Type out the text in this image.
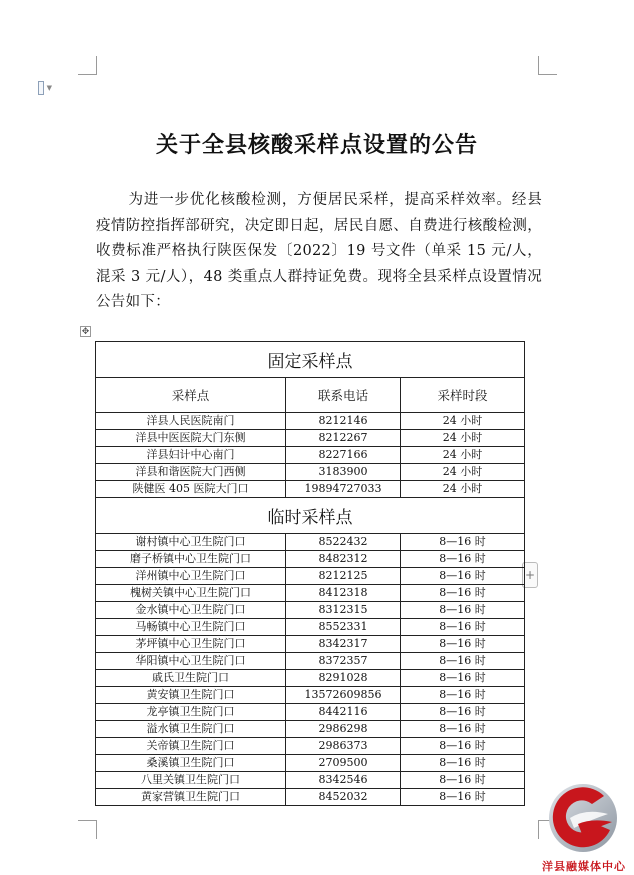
▼
关于全县核酸采样点设置的公告
为进一步优化核酸检测，方便居民采样，提高采样效率。经县疫情防控指挥部研究，决定即日起，居民自愿、自费进行核酸检测，收费标准严格执行陕医保发〔2022〕19 号文件（单采 15 元/人，混采 3 元/人），48 类重点人群持证免费。现将全县采样点设置情况公告如下：
✥
+
固定采样点		
采样点	联系电话	采样时段
洋县人民医院南门	8212146	24 小时
洋县中医医院大门东侧	8212267	24 小时
洋县妇计中心南门	8227166	24 小时
洋县和谐医院大门西侧	3183900	24 小时
陕健医 405 医院大门口	19894727033	24 小时
临时采样点		
谢村镇中心卫生院门口	8522432	8—16 时
磨子桥镇中心卫生院门口	8482312	8—16 时
洋州镇中心卫生院门口	8212125	8—16 时
槐树关镇中心卫生院门口	8412318	8—16 时
金水镇中心卫生院门口	8312315	8—16 时
马畅镇中心卫生院门口	8552331	8—16 时
茅坪镇中心卫生院门口	8342317	8—16 时
华阳镇中心卫生院门口	8372357	8—16 时
戚氏卫生院门口	8291028	8—16 时
黄安镇卫生院门口	13572609856	8—16 时
龙亭镇卫生院门口	8442116	8—16 时
溢水镇卫生院门口	2986298	8—16 时
关帝镇卫生院门口	2986373	8—16 时
桑溪镇卫生院门口	2709500	8—16 时
八里关镇卫生院门口	8342546	8—16 时
黄家营镇卫生院门口	8452032	8—16 时
洋县融媒体中心
